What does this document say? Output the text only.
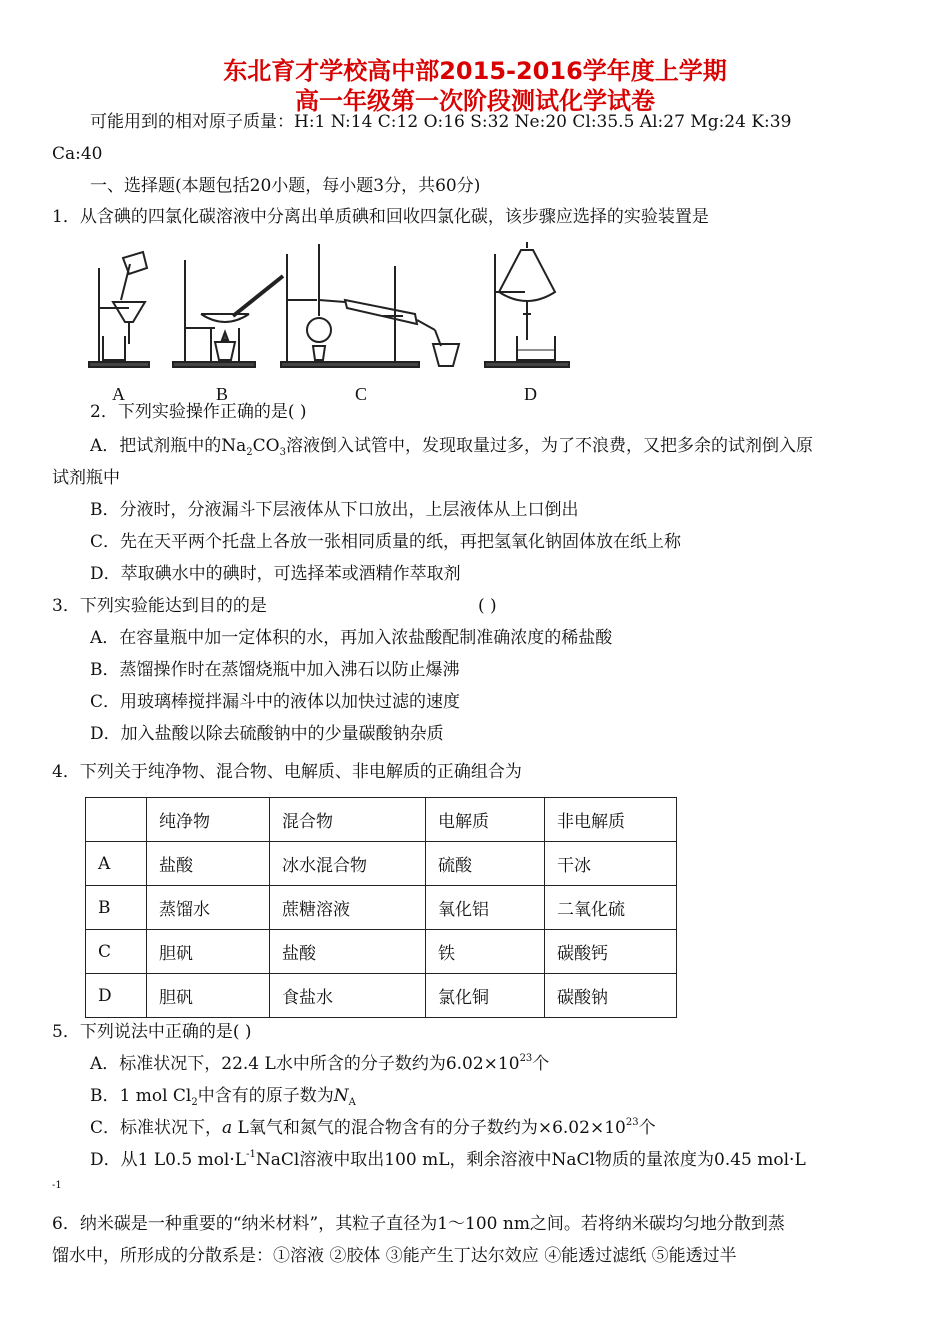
东北育才学校高中部2015-2016学年度上学期
高一年级第一次阶段测试化学试卷
可能用到的相对原子质量：H:1 N:14 C:12 O:16 S:32 Ne:20 Cl:35.5 Al:27 Mg:24 K:39
Ca:40
一、选择题(本题包括20小题，每小题3分，共60分)
1．从含碘的四氯化碳溶液中分离出单质碘和回收四氯化碳，该步骤应选择的实验装置是
A	B	C	D
2．下列实验操作正确的是( )
A．把试剂瓶中的$Na_2CO_3$溶液倒入试管中，发现取量过多，为了不浪费，又把多余的试剂倒入原
试剂瓶中
B．分液时，分液漏斗下层液体从下口放出，上层液体从上口倒出
C．先在天平两个托盘上各放一张相同质量的纸，再把氢氧化钠固体放在纸上称
D．萃取碘水中的碘时，可选择苯或酒精作萃取剂
3．下列实验能达到目的的是	( )
A．在容量瓶中加一定体积的水，再加入浓盐酸配制准确浓度的稀盐酸
B．蒸馏操作时在蒸馏烧瓶中加入沸石以防止爆沸
C．用玻璃棒搅拌漏斗中的液体以加快过滤的速度
D．加入盐酸以除去硫酸钠中的少量碳酸钠杂质
4．下列关于纯净物、混合物、电解质、非电解质的正确组合为
	纯净物	混合物	电解质	非电解质
A	盐酸	冰水混合物	硫酸	干冰
B	蒸馏水	蔗糖溶液	氧化铝	二氧化硫
C	胆矾	盐酸	铁	碳酸钙
D	胆矾	食盐水	氯化铜	碳酸钠
5．下列说法中正确的是( )
A．标准状况下，22.4 L水中所含的分子数约为$6.02\times 10^{23}$个
B．1 mol $Cl_2$中含有的原子数为$N_A$
C．标准状况下，a L氧气和氮气的混合物含有的分子数约为$\times 6.02\times 10^{23}$个
D．从1 L0.5 $mol\cdot L^{-1}NaCl$溶液中取出100 mL，剩余溶液中NaCl物质的量浓度为0.45 mol·L
-1
6．纳米碳是一种重要的“纳米材料”，其粒子直径为1～100 nm之间。若将纳米碳均匀地分散到蒸
馏水中，所形成的分散系是：①溶液 ②胶体 ③能产生丁达尔效应 ④能透过滤纸 ⑤能透过半
